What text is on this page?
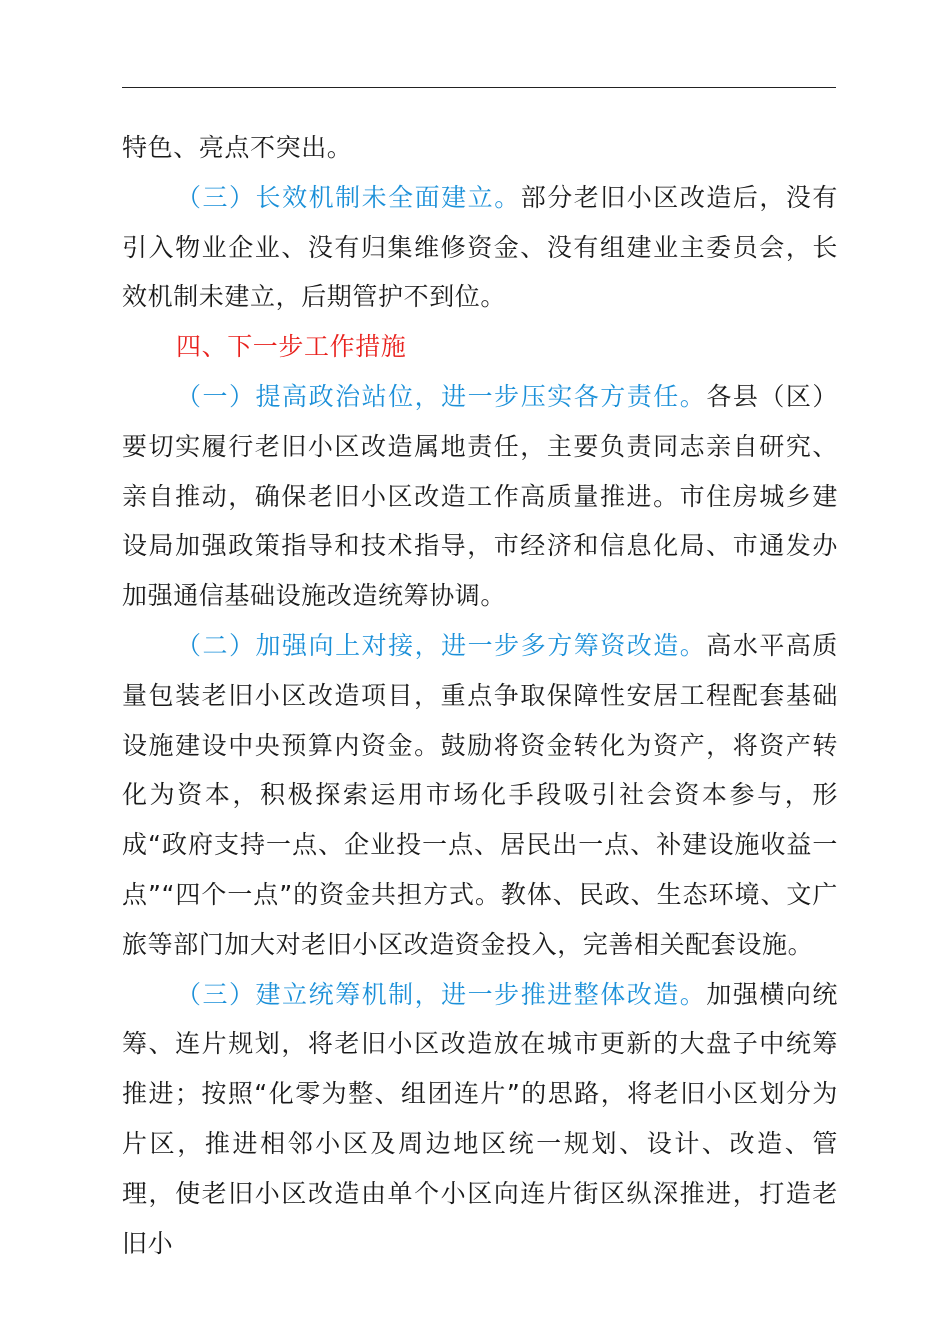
特色、亮点不突出。

（三）长效机制未全面建立。部分老旧小区改造后，没有引入物业企业、没有归集维修资金、没有组建业主委员会，长效机制未建立，后期管护不到位。

四、下一步工作措施

（一）提高政治站位，进一步压实各方责任。各县（区）要切实履行老旧小区改造属地责任，主要负责同志亲自研究、亲自推动，确保老旧小区改造工作高质量推进。市住房城乡建设局加强政策指导和技术指导，市经济和信息化局、市通发办加强通信基础设施改造统筹协调。

（二）加强向上对接，进一步多方筹资改造。高水平高质量包装老旧小区改造项目，重点争取保障性安居工程配套基础设施建设中央预算内资金。鼓励将资金转化为资产，将资产转化为资本，积极探索运用市场化手段吸引社会资本参与，形成“政府支持一点、企业投一点、居民出一点、补建设施收益一点”“四个一点”的资金共担方式。教体、民政、生态环境、文广旅等部门加大对老旧小区改造资金投入，完善相关配套设施。

（三）建立统筹机制，进一步推进整体改造。加强横向统筹、连片规划，将老旧小区改造放在城市更新的大盘子中统筹推进；按照“化零为整、组团连片”的思路，将老旧小区划分为片区，推进相邻小区及周边地区统一规划、设计、改造、管理，使老旧小区改造由单个小区向连片街区纵深推进，打造老旧小
